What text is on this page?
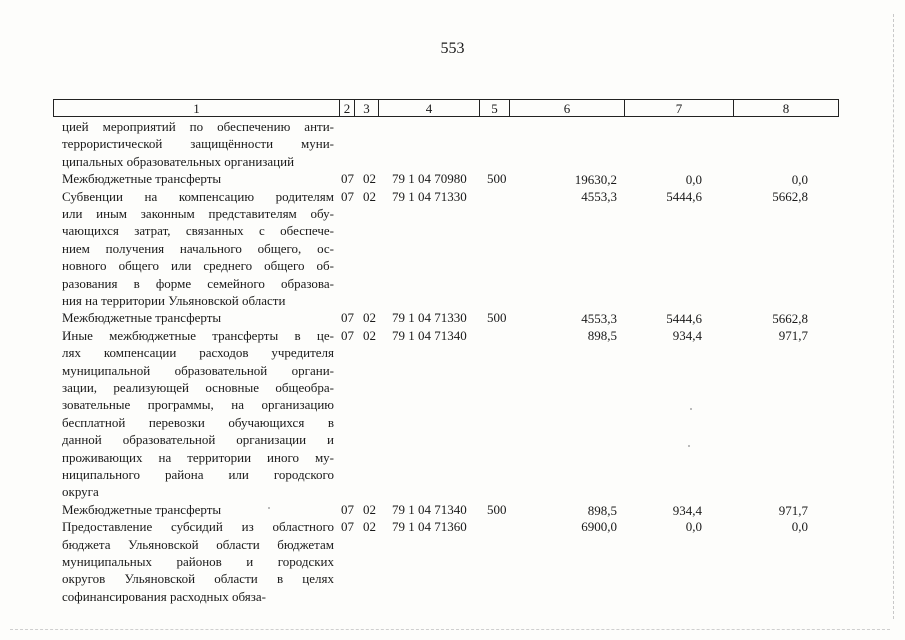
553
1	2	3	4	5	6	7	8
цией мероприятий по обеспечению анти-
террористической защищённости муни-
ципальных образовательных организаций
Межбюджетные трансферты	07 02 79 1 04 70980 500	19630,2	0,0	0,0
Субвенции на компенсацию родителям
или иным законным представителям обу-
чающихся затрат, связанных с обеспече-
нием получения начального общего, ос-
новного общего или среднего общего об-
разования в форме семейного образова-
ния на территории Ульяновской области
07 02 79 1 04 71330	4553,3	5444,6	5662,8
Межбюджетные трансферты	07 02 79 1 04 71330 500	4553,3	5444,6	5662,8
Иные межбюджетные трансферты в це-
лях компенсации расходов учредителя
муниципальной образовательной органи-
зации, реализующей основные общеобра-
зовательные программы, на организацию
бесплатной перевозки обучающихся в
данной образовательной организации и
проживающих на территории иного му-
ниципального района или городского
округа
07 02 79 1 04 71340	898,5	934,4	971,7
Межбюджетные трансферты	07 02 79 1 04 71340 500	898,5	934,4	971,7
Предоставление субсидий из областного
бюджета Ульяновской области бюджетам
муниципальных районов и городских
округов Ульяновской области в целях
софинансирования расходных обяза-
07 02 79 1 04 71360	6900,0	0,0	0,0
